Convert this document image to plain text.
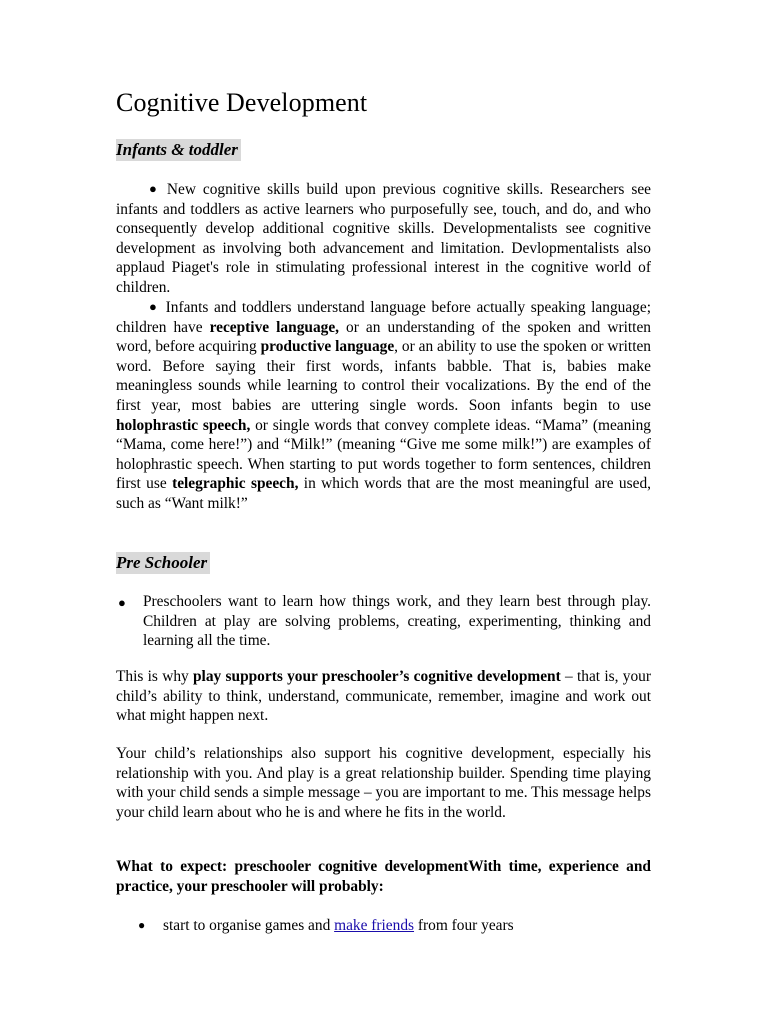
Cognitive Development
Infants & toddler

● New cognitive skills build upon previous cognitive skills. Researchers see infants and toddlers as active learners who purposefully see, touch, and do, and who consequently develop additional cognitive skills. Developmentalists see cognitive development as involving both advancement and limitation. Devlopmentalists also applaud Piaget's role in stimulating professional interest in the cognitive world of children.

● Infants and toddlers understand language before actually speaking language; children have receptive language, or an understanding of the spoken and written word, before acquiring productive language, or an ability to use the spoken or written word. Before saying their first words, infants babble. That is, babies make meaningless sounds while learning to control their vocalizations. By the end of the first year, most babies are uttering single words. Soon infants begin to use holophrastic speech, or single words that convey complete ideas. “Mama” (meaning “Mama, come here!”) and “Milk!” (meaning “Give me some milk!”) are examples of holophrastic speech. When starting to put words together to form sentences, children first use telegraphic speech, in which words that are the most meaningful are used, such as “Want milk!”

Pre Schooler
● Preschoolers want to learn how things work, and they learn best through play. Children at play are solving problems, creating, experimenting, thinking and learning all the time.

This is why play supports your preschooler’s cognitive development – that is, your child’s ability to think, understand, communicate, remember, imagine and work out what might happen next.

Your child’s relationships also support his cognitive development, especially his relationship with you. And play is a great relationship builder. Spending time playing with your child sends a simple message – you are important to me. This message helps your child learn about who he is and where he fits in the world.

What to expect: preschooler cognitive developmentWith time, experience and practice, your preschooler will probably:

● start to organise games and make friends from four years
